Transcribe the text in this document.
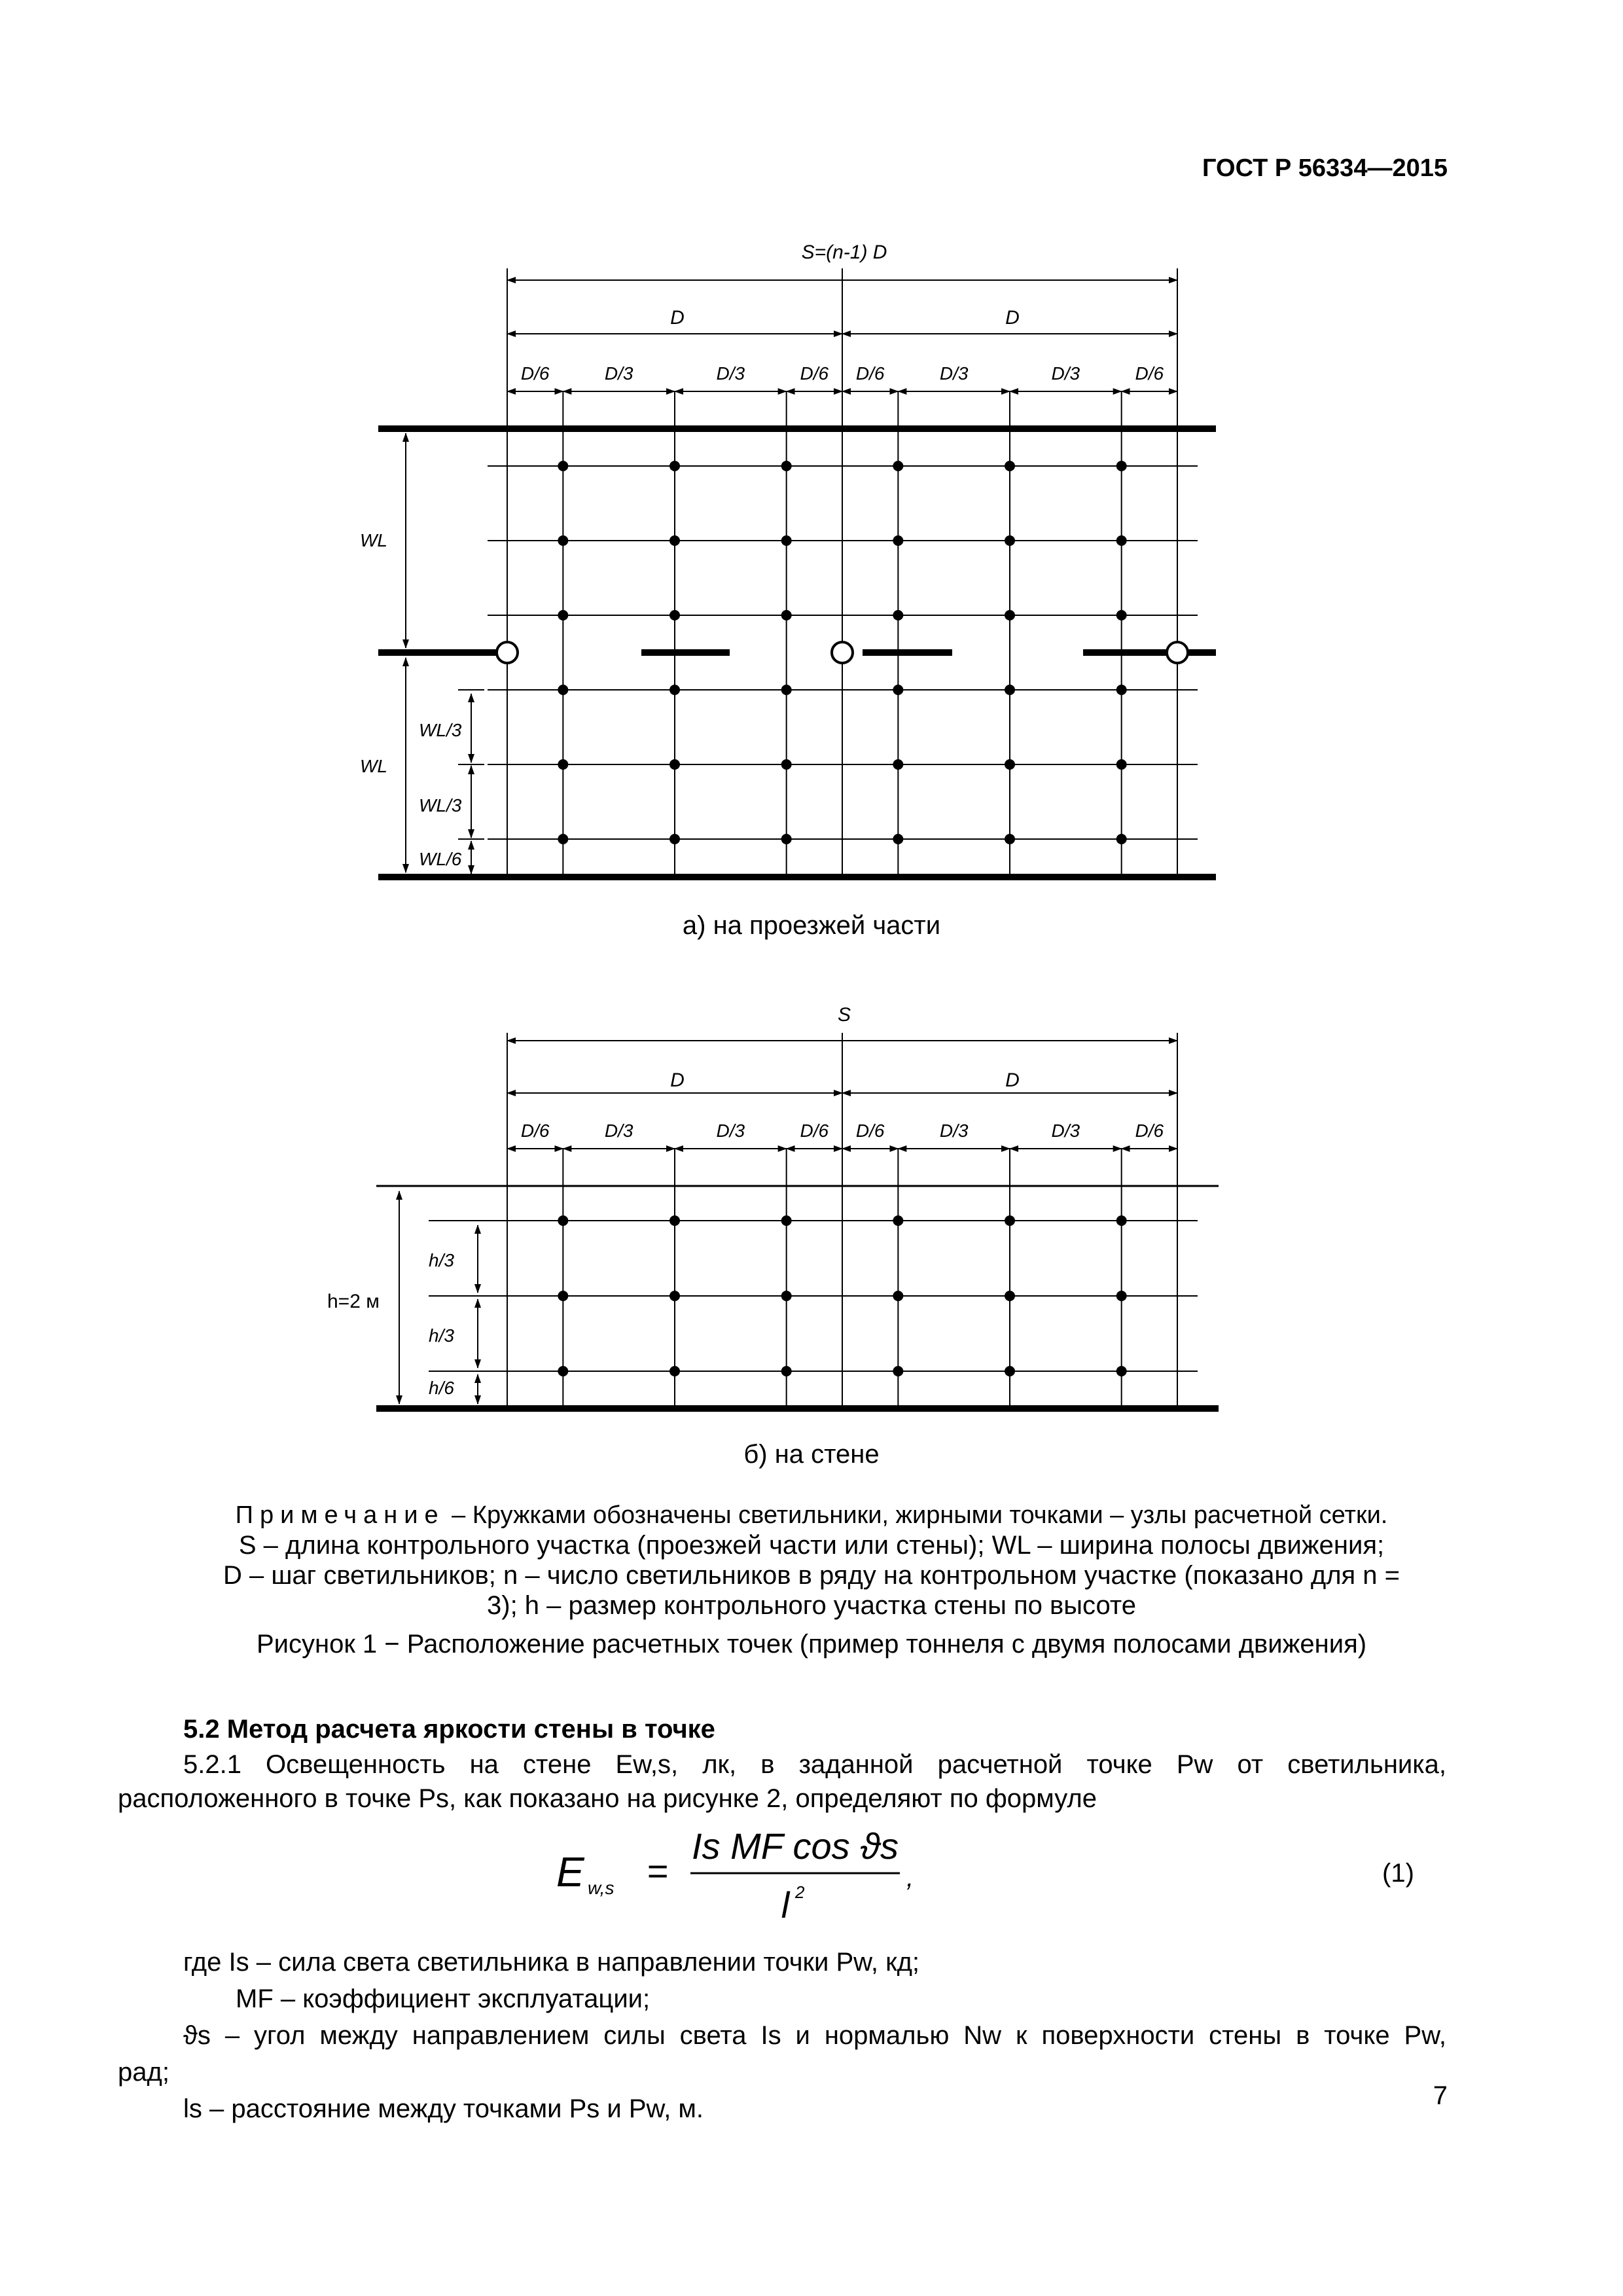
ГОСТ Р 56334—2015
D/6	D/3	D/3	D/6 D/6	D/3	D/3	D/6
S=(n-1) D
D	D
WL
WL
WL/3
WL/3
WL/6
а) на проезжей части
D/6	D/3	D/3	D/6 D/6	D/3	D/3	D/6
S
D	D
h=2 м
h/3
h/3
h/6
б) на стене
Примечание – Кружками обозначены светильники, жирными точками – узлы расчетной сетки.
S – длина контрольного участка (проезжей части или стены); WL – ширина полосы движения;
D – шаг светильников; n – число светильников в ряду на контрольном участке (показано для n =
3); h – размер контрольного участка стены по высоте
Рисунок 1 − Расположение расчетных точек (пример тоннеля с двумя полосами движения)
5.2 Метод расчета яркости стены в точке

5.2.1 Освещенность на стене Ew,s, лк, в заданной расчетной точке Pw от светильника,

расположенного в точке Ps, как показано на рисунке 2, определяют по формуле

E w,s =
Is MF cos ϑs
l 2	,	(1)
где Is – сила света светильника в направлении точки Pw, кд;
MF – коэффициент эксплуатации;
ϑs – угол между направлением силы света Is и нормалью Nw к поверхности стены в точке Pw,
рад;
ls – расстояние между точками Ps и Pw, м.	7
